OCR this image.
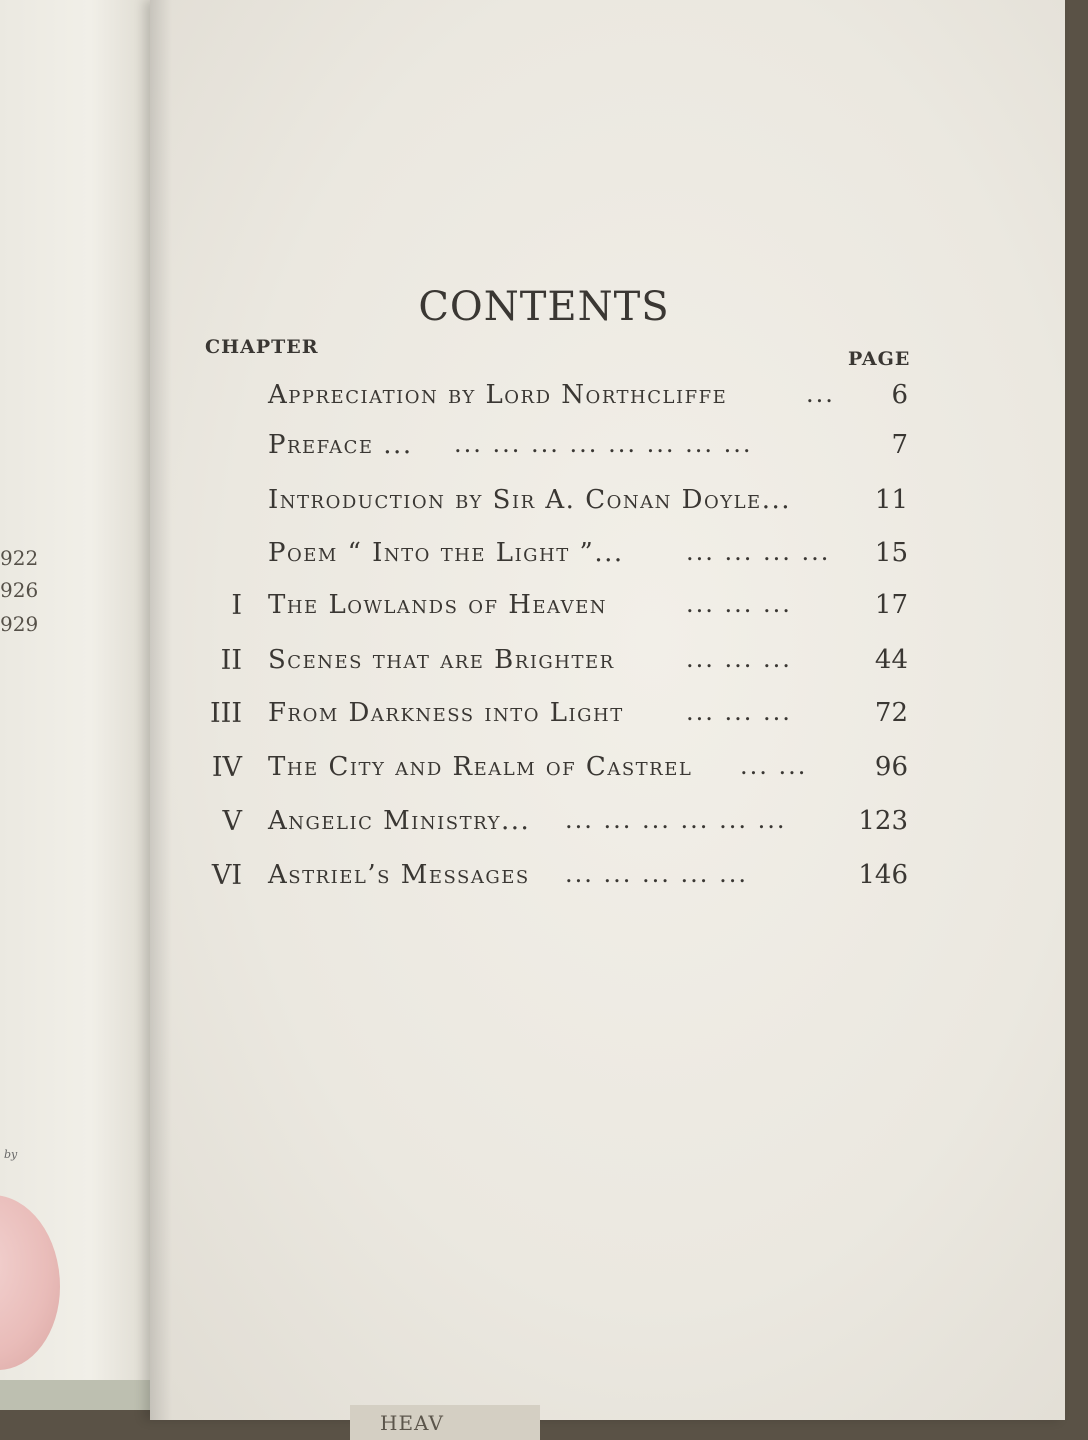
922
926
929
by
HEAV
CONTENTS
CHAPTER
PAGE
Appreciation by Lord Northcliffe	...	6
Preface ... ... ... ... ... ... ... ... ...	7
Introduction by Sir A. Conan Doyle...	11
Poem “ Into the Light ”...	... ... ... ...	15
I The Lowlands of Heaven	... ... ...	17
II Scenes that are Brighter	... ... ...	44
III From Darkness into Light	... ... ...	72
IV The City and Realm of Castrel ... ...	96
V Angelic Ministry... ... ... ... ... ... ...	123
VI Astriel’s Messages ... ... ... ... ...	146
